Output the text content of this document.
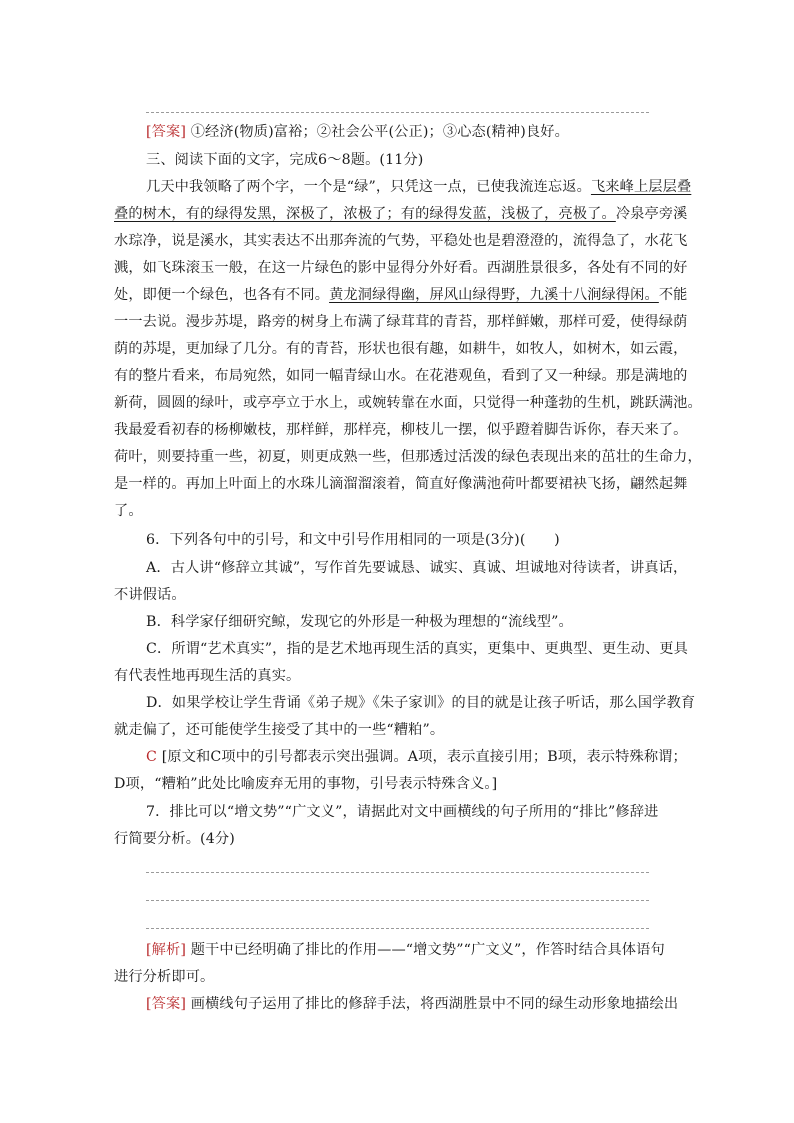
[答案] ①经济(物质)富裕；②社会公平(公正)；③心态(精神)良好。
三、阅读下面的文字，完成6～8题。(11分)
几天中我领略了两个字，一个是“绿”，只凭这一点，已使我流连忘返。飞来峰上层层叠
叠的树木，有的绿得发黑，深极了，浓极了；有的绿得发蓝，浅极了，亮极了。冷泉亭旁溪
水琮净，说是溪水，其实表达不出那奔流的气势，平稳处也是碧澄澄的，流得急了，水花飞
溅，如飞珠滚玉一般，在这一片绿色的影中显得分外好看。西湖胜景很多，各处有不同的好
处，即便一个绿色，也各有不同。黄龙洞绿得幽，屏风山绿得野，九溪十八涧绿得闲。不能
一一去说。漫步苏堤，路旁的树身上布满了绿茸茸的青苔，那样鲜嫩，那样可爱，使得绿荫
荫的苏堤，更加绿了几分。有的青苔，形状也很有趣，如耕牛，如牧人，如树木，如云霞，
有的整片看来，布局宛然，如同一幅青绿山水。在花港观鱼，看到了又一种绿。那是满地的
新荷，圆圆的绿叶，或亭亭立于水上，或婉转靠在水面，只觉得一种蓬勃的生机，跳跃满池。
我最爱看初春的杨柳嫩枝，那样鲜，那样亮，柳枝儿一摆，似乎蹬着脚告诉你，春天来了。
荷叶，则要持重一些，初夏，则更成熟一些，但那透过活泼的绿色表现出来的茁壮的生命力，
是一样的。再加上叶面上的水珠儿滴溜溜滚着，简直好像满池荷叶都要裙袂飞扬，翩然起舞
了。
6．下列各句中的引号，和文中引号作用相同的一项是(3分)(　　)
A．古人讲“修辞立其诚”，写作首先要诚恳、诚实、真诚、坦诚地对待读者，讲真话，
不讲假话。
B．科学家仔细研究鲸，发现它的外形是一种极为理想的“流线型”。
C．所谓“艺术真实”，指的是艺术地再现生活的真实，更集中、更典型、更生动、更具
有代表性地再现生活的真实。
D．如果学校让学生背诵《弟子规》《朱子家训》的目的就是让孩子听话，那么国学教育
就走偏了，还可能使学生接受了其中的一些“糟粕”。
C [原文和C项中的引号都表示突出强调。A项，表示直接引用；B项，表示特殊称谓；
D项，“糟粕”此处比喻废弃无用的事物，引号表示特殊含义。]
7．排比可以“增文势”“广文义”，请据此对文中画横线的句子所用的“排比”修辞进
行简要分析。(4分)
[解析] 题干中已经明确了排比的作用——“增文势”“广文义”，作答时结合具体语句
进行分析即可。
[答案] 画横线句子运用了排比的修辞手法，将西湖胜景中不同的绿生动形象地描绘出
